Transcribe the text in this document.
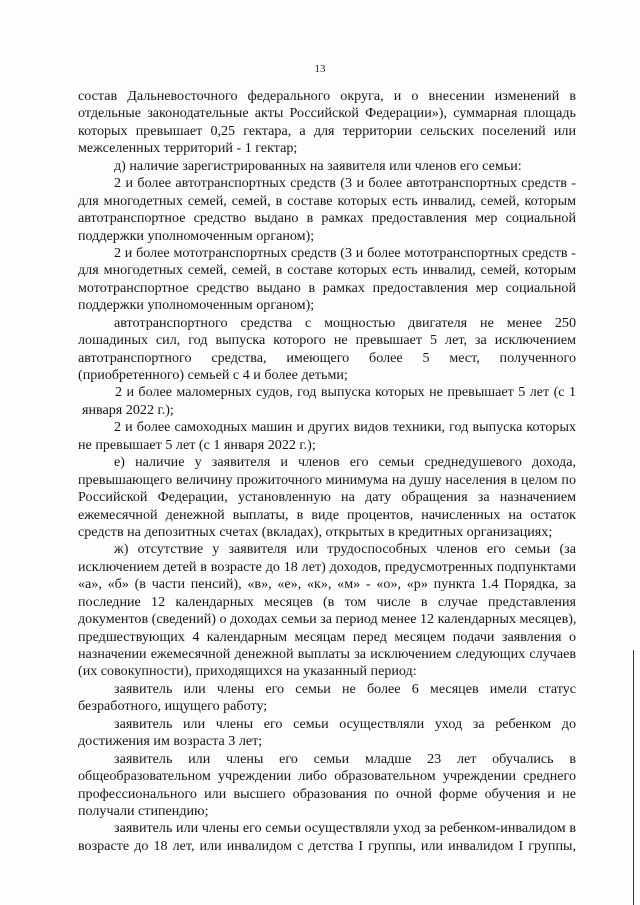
13
состав Дальневосточного федерального округа, и о внесении изменений в
отдельные законодательные акты Российской Федерации»), суммарная площадь
которых превышает 0,25 гектара, а для территории сельских поселений или
межселенных территорий - 1 гектар;
д) наличие зарегистрированных на заявителя или членов его семьи:
2 и более автотранспортных средств (3 и более автотранспортных средств -
для многодетных семей, семей, в составе которых есть инвалид, семей, которым
автотранспортное средство выдано в рамках предоставления мер социальной
поддержки уполномоченным органом);
2 и более мототранспортных средств (3 и более мототранспортных средств -
для многодетных семей, семей, в составе которых есть инвалид, семей, которым
мототранспортное средство выдано в рамках предоставления мер социальной
поддержки уполномоченным органом);
автотранспортного средства с мощностью двигателя не менее 250
лошадиных сил, год выпуска которого не превышает 5 лет, за исключением
автотранспортного средства, имеющего более 5 мест, полученного
(приобретенного) семьей с 4 и более детьми;
2 и более маломерных судов, год выпуска которых не превышает 5 лет (с 1
января 2022 г.);
2 и более самоходных машин и других видов техники, год выпуска которых
не превышает 5 лет (с 1 января 2022 г.);
е) наличие у заявителя и членов его семьи среднедушевого дохода,
превышающего величину прожиточного минимума на душу населения в целом по
Российской Федерации, установленную на дату обращения за назначением
ежемесячной денежной выплаты, в виде процентов, начисленных на остаток
средств на депозитных счетах (вкладах), открытых в кредитных организациях;
ж) отсутствие у заявителя или трудоспособных членов его семьи (за
исключением детей в возрасте до 18 лет) доходов, предусмотренных подпунктами
«а», «б» (в части пенсий), «в», «е», «к», «м» - «о», «р» пункта 1.4 Порядка, за
последние 12 календарных месяцев (в том числе в случае представления
документов (сведений) о доходах семьи за период менее 12 календарных месяцев),
предшествующих 4 календарным месяцам перед месяцем подачи заявления о
назначении ежемесячной денежной выплаты за исключением следующих случаев
(их совокупности), приходящихся на указанный период:
заявитель или члены его семьи не более 6 месяцев имели статус
безработного, ищущего работу;
заявитель или члены его семьи осуществляли уход за ребенком до
достижения им возраста 3 лет;
заявитель или члены его семьи младше 23 лет обучались в
общеобразовательном учреждении либо образовательном учреждении среднего
профессионального или высшего образования по очной форме обучения и не
получали стипендию;
заявитель или члены его семьи осуществляли уход за ребенком-инвалидом в
возрасте до 18 лет, или инвалидом с детства I группы, или инвалидом I группы,
